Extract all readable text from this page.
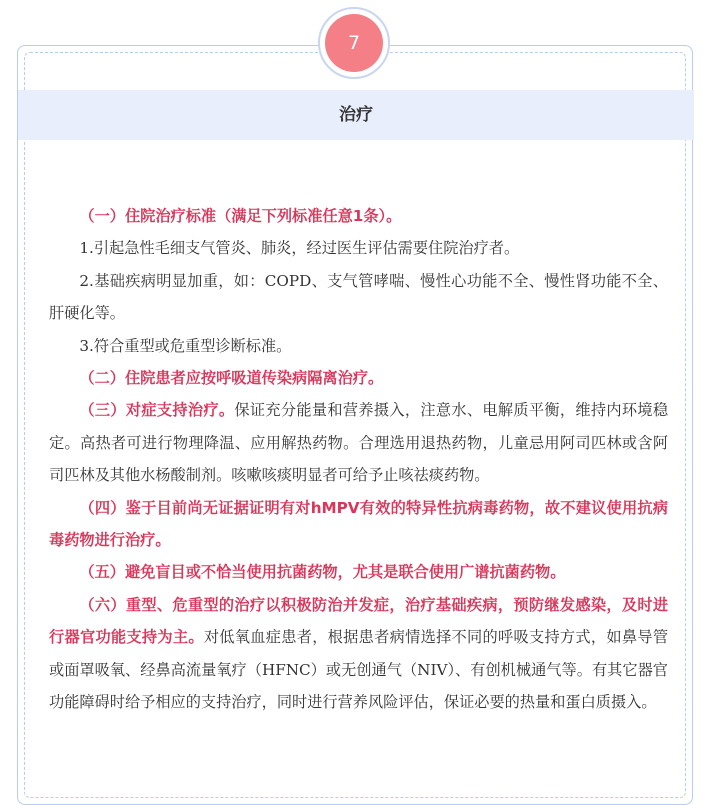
7
治疗

（一）住院治疗标准（满足下列标准任意1条）。

1.引起急性毛细支气管炎、肺炎，经过医生评估需要住院治疗者。

2.基础疾病明显加重，如：COPD、支气管哮喘、慢性心功能不全、慢性肾功能不全、肝硬化等。

3.符合重型或危重型诊断标准。

（二）住院患者应按呼吸道传染病隔离治疗。

（三）对症支持治疗。保证充分能量和营养摄入，注意水、电解质平衡，维持内环境稳定。高热者可进行物理降温、应用解热药物。合理选用退热药物，儿童忌用阿司匹林或含阿司匹林及其他水杨酸制剂。咳嗽咳痰明显者可给予止咳祛痰药物。

（四）鉴于目前尚无证据证明有对hMPV有效的特异性抗病毒药物，故不建议使用抗病毒药物进行治疗。

（五）避免盲目或不恰当使用抗菌药物，尤其是联合使用广谱抗菌药物。

（六）重型、危重型的治疗以积极防治并发症，治疗基础疾病，预防继发感染，及时进行器官功能支持为主。对低氧血症患者，根据患者病情选择不同的呼吸支持方式，如鼻导管或面罩吸氧、经鼻高流量氧疗（HFNC）或无创通气（NIV）、有创机械通气等。有其它器官功能障碍时给予相应的支持治疗，同时进行营养风险评估，保证必要的热量和蛋白质摄入。
